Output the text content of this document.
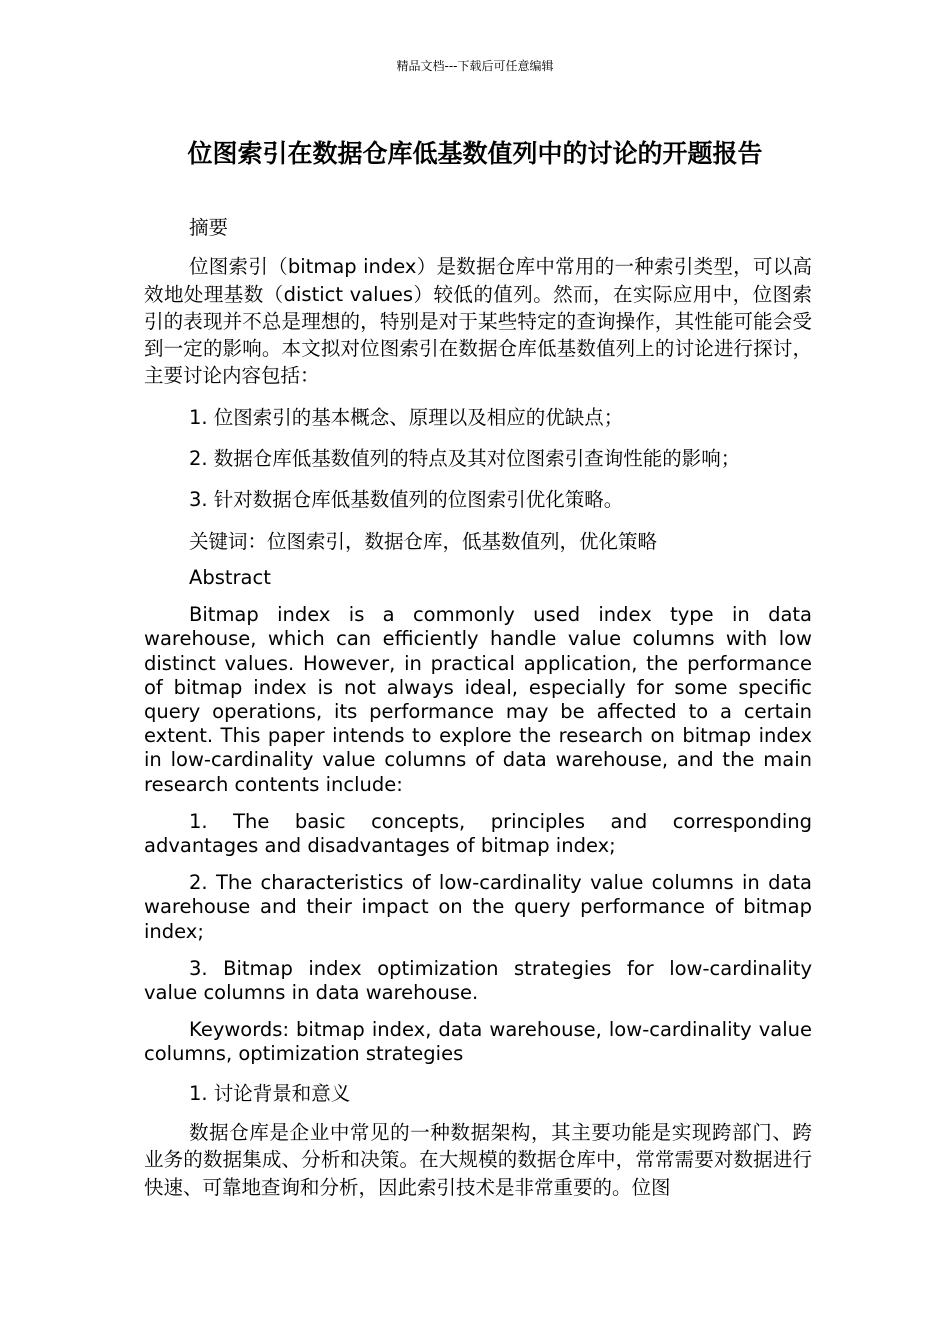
精品文档---下载后可任意编辑
位图索引在数据仓库低基数值列中的讨论的开题报告

摘要

位图索引（bitmap index）是数据仓库中常用的一种索引类型，可以高效地处理基数（distict values）较低的值列。然而，在实际应用中，位图索引的表现并不总是理想的，特别是对于某些特定的查询操作，其性能可能会受到一定的影响。本文拟对位图索引在数据仓库低基数值列上的讨论进行探讨，主要讨论内容包括：

1. 位图索引的基本概念、原理以及相应的优缺点；

2. 数据仓库低基数值列的特点及其对位图索引查询性能的影响；

3. 针对数据仓库低基数值列的位图索引优化策略。

关键词：位图索引，数据仓库，低基数值列，优化策略

Abstract

Bitmap index is a commonly used index type in data warehouse, which can efficiently handle value columns with low distinct values. However, in practical application, the performance of bitmap index is not always ideal, especially for some specific query operations, its performance may be affected to a certain extent. This paper intends to explore the research on bitmap index in low-cardinality value columns of data warehouse, and the main research contents include:

1. The basic concepts, principles and corresponding advantages and disadvantages of bitmap index;

2. The characteristics of low-cardinality value columns in data warehouse and their impact on the query performance of bitmap index;

3. Bitmap index optimization strategies for low-cardinality value columns in data warehouse.

Keywords: bitmap index, data warehouse, low-cardinality value columns, optimization strategies

1. 讨论背景和意义

数据仓库是企业中常见的一种数据架构，其主要功能是实现跨部门、跨业务的数据集成、分析和决策。在大规模的数据仓库中，常常需要对数据进行快速、可靠地查询和分析，因此索引技术是非常重要的。位图
